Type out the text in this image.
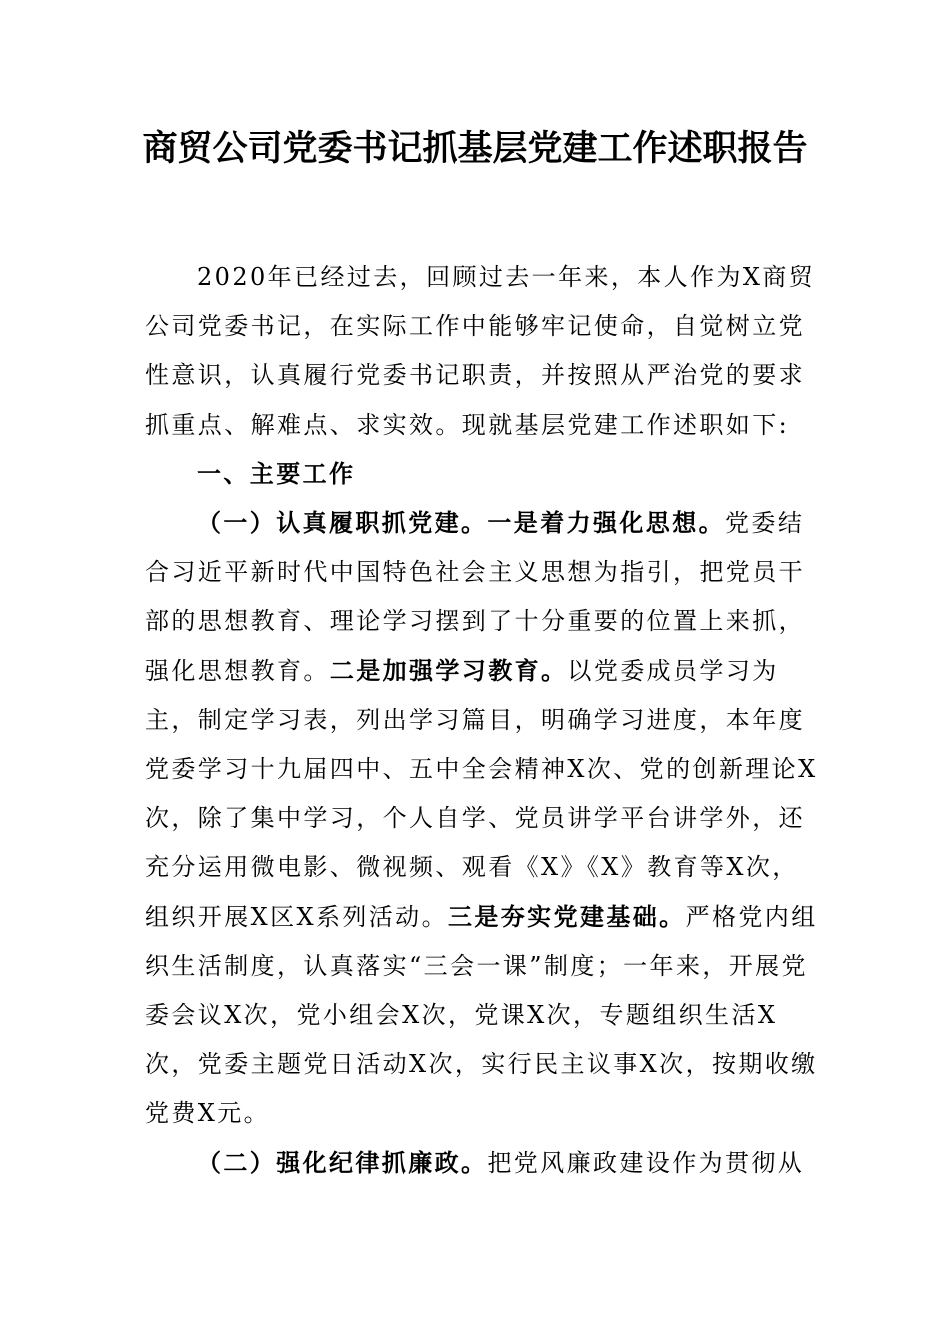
商贸公司党委书记抓基层党建工作述职报告

2020年已经过去，回顾过去一年来，本人作为X商贸公司党委书记，在实际工作中能够牢记使命，自觉树立党性意识，认真履行党委书记职责，并按照从严治党的要求抓重点、解难点、求实效。现就基层党建工作述职如下:

一、主要工作

（一）认真履职抓党建。一是着力强化思想。党委结合习近平新时代中国特色社会主义思想为指引，把党员干部的思想教育、理论学习摆到了十分重要的位置上来抓，强化思想教育。二是加强学习教育。以党委成员学习为主，制定学习表，列出学习篇目，明确学习进度，本年度党委学习十九届四中、五中全会精神X次、党的创新理论X次，除了集中学习，个人自学、党员讲学平台讲学外，还充分运用微电影、微视频、观看《X》《X》教育等X次，组织开展X区X系列活动。三是夯实党建基础。严格党内组织生活制度，认真落实“三会一课”制度；一年来，开展党委会议X次，党小组会X次，党课X次，专题组织生活X次，党委主题党日活动X次，实行民主议事X次，按期收缴党费X元。

（二）强化纪律抓廉政。把党风廉政建设作为贯彻从
